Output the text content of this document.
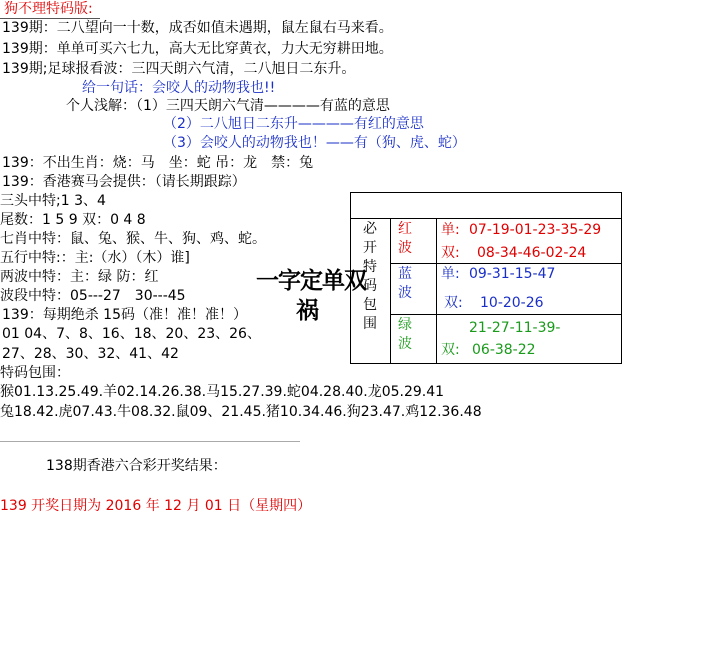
狗不理特码版:
139期：二八望向一十数，成否如值未遇期，鼠左鼠右马来看。
139期：单单可买六七九，高大无比穿黄衣，力大无穷耕田地。
139期;足球报看波：三四天朗六气清，二八旭日二东升。
给一句话：会咬人的动物我也!!
个人浅解：（1）三四天朗六气清————有蓝的意思
（2）二八旭日二东升————有红的意思
（3）会咬人的动物我也！——有（狗、虎、蛇）
139：不出生肖：烧：马　坐：蛇 吊：龙　禁：兔
139：香港赛马会提供：（请长期跟踪）
三头中特;1 3、4
尾数：1 5 9 双：0 4 8
七肖中特：鼠、兔、猴、牛、狗、鸡、蛇。
五行中特:：主:（水）（木）谁]
两波中特：主：绿 防：红
波段中特：05---27　30---45
139：每期绝杀 15码（准！准！准！）
01 04、7、8、16、18、20、23、26、
27、28、30、32、41、42
特码包围：
猴01.13.25.49.羊02.14.26.38.马15.27.39.蛇04.28.40.龙05.29.41
兔18.42.虎07.43.牛08.32.鼠09、21.45.猪10.34.46.狗23.47.鸡12.36.48
一字定单双
祸
必开特码包围
红波
蓝波
绿波
单: 07-19-01-23-35-29
双: 08-34-46-02-24
单: 09-31-15-47
双: 10-20-26
21-27-11-39-
双: 06-38-22
138期香港六合彩开奖结果：
139 开奖日期为 2016 年 12 月 01 日（星期四）
